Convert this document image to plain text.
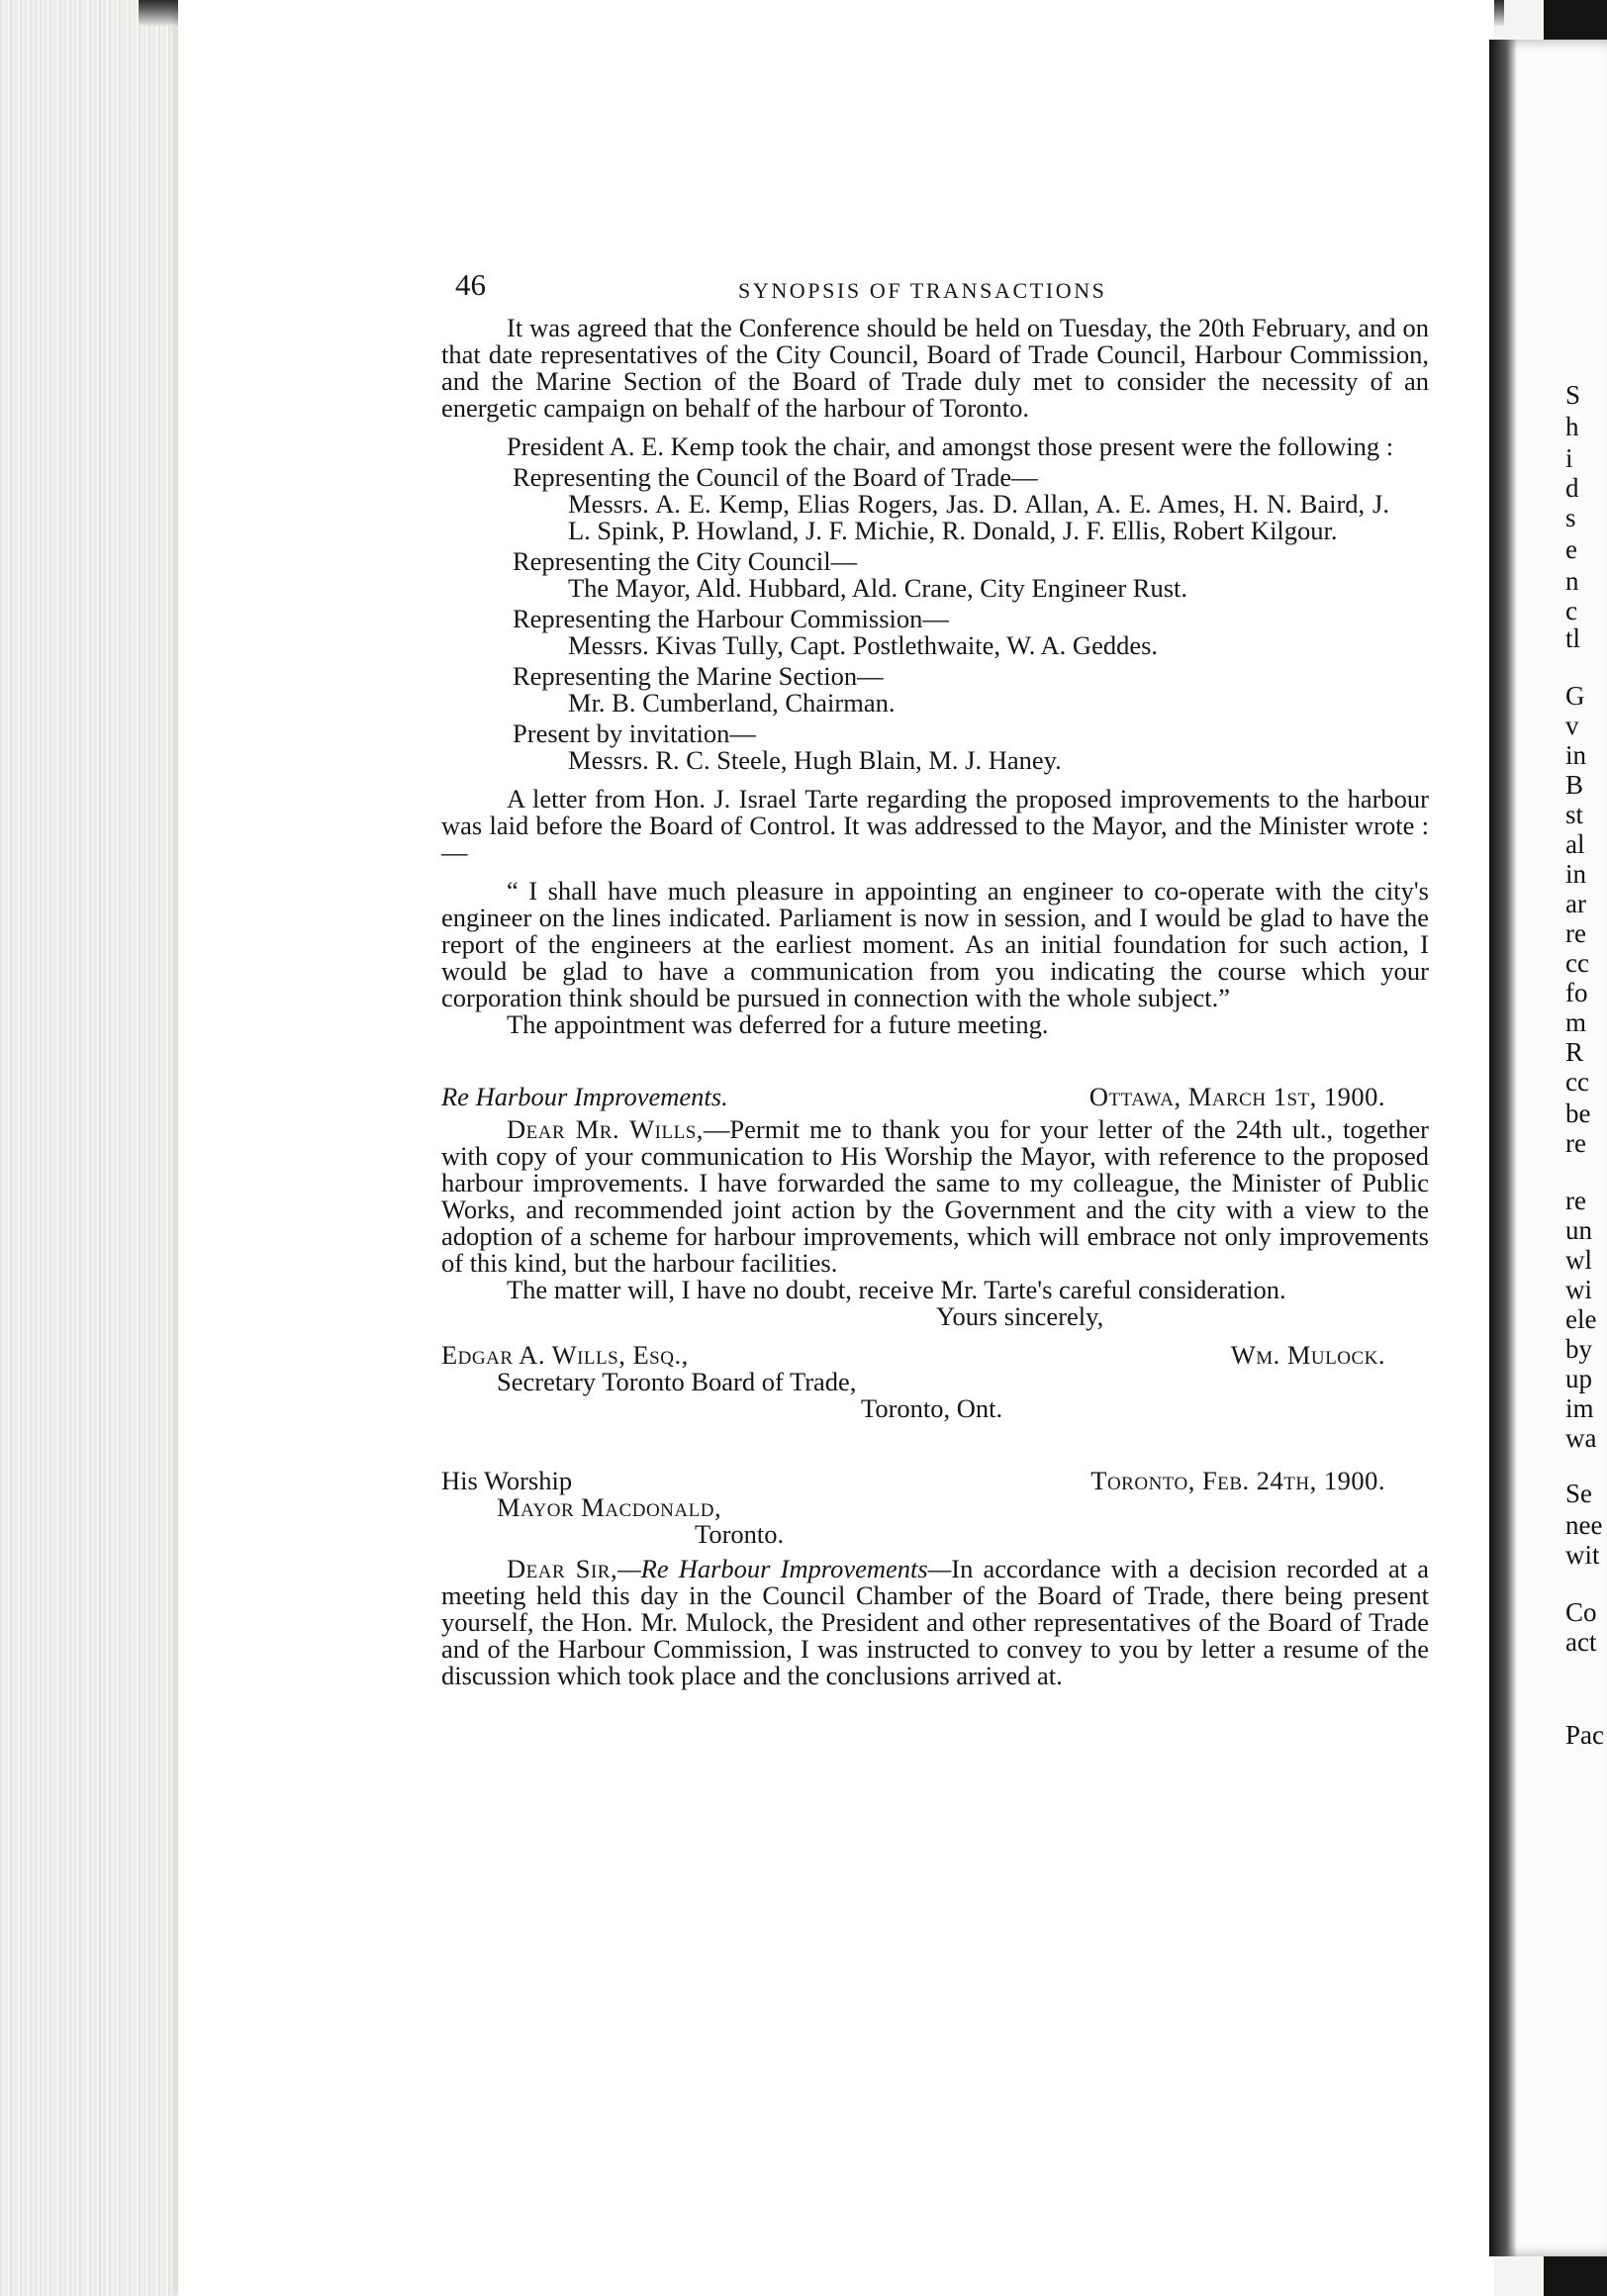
S
h
i
d
s
e
n
c
tl
G
v
in
B
st
al
in
ar
re
cc
fo
m
R
cc
be
re
re
un
wl
wi
ele
by
up
im
wa
Se
nee
wit
Co
act
Pac
46	SYNOPSIS OF TRANSACTIONS

It was agreed that the Conference should be held on Tuesday, the 20th February, and on that date representatives of the City Council, Board of Trade Council, Harbour Commission, and the Marine Section of the Board of Trade duly met to consider the necessity of an energetic campaign on behalf of the harbour of Toronto.

President A. E. Kemp took the chair, and amongst those present were the following :

Representing the Council of the Board of Trade—

Messrs. A. E. Kemp, Elias Rogers, Jas. D. Allan, A. E. Ames, H. N. Baird, J. L. Spink, P. Howland, J. F. Michie, R. Donald, J. F. Ellis, Robert Kilgour.

Representing the City Council—

The Mayor, Ald. Hubbard, Ald. Crane, City Engineer Rust.

Representing the Harbour Commission—

Messrs. Kivas Tully, Capt. Postlethwaite, W. A. Geddes.

Representing the Marine Section—

Mr. B. Cumberland, Chairman.

Present by invitation—

Messrs. R. C. Steele, Hugh Blain, M. J. Haney.

A letter from Hon. J. Israel Tarte regarding the proposed improvements to the harbour was laid before the Board of Control. It was addressed to the Mayor, and the Minister wrote :—

“ I shall have much pleasure in appointing an engineer to co-operate with the city's engineer on the lines indicated. Parliament is now in session, and I would be glad to have the report of the engineers at the earliest moment. As an initial foundation for such action, I would be glad to have a communication from you indicating the course which your corporation think should be pursued in connection with the whole subject.”

The appointment was deferred for a future meeting.

Re Harbour Improvements.	Ottawa, March 1st, 1900.

Dear Mr. Wills,—Permit me to thank you for your letter of the 24th ult., together with copy of your communication to His Worship the Mayor, with reference to the proposed harbour improvements. I have forwarded the same to my colleague, the Minister of Public Works, and recommended joint action by the Government and the city with a view to the adoption of a scheme for harbour improvements, which will embrace not only improvements of this kind, but the harbour facilities.

The matter will, I have no doubt, receive Mr. Tarte's careful consideration.

Yours sincerely,

Edgar A. Wills, Esq.,	Wm. Mulock.

Secretary Toronto Board of Trade,

Toronto, Ont.

His Worship	Toronto, Feb. 24th, 1900.

Mayor Macdonald,

Toronto.

Dear Sir,—Re Harbour Improvements—In accordance with a decision recorded at a meeting held this day in the Council Chamber of the Board of Trade, there being present yourself, the Hon. Mr. Mulock, the President and other representatives of the Board of Trade and of the Harbour Commission, I was instructed to convey to you by letter a resume of the discussion which took place and the conclusions arrived at.
